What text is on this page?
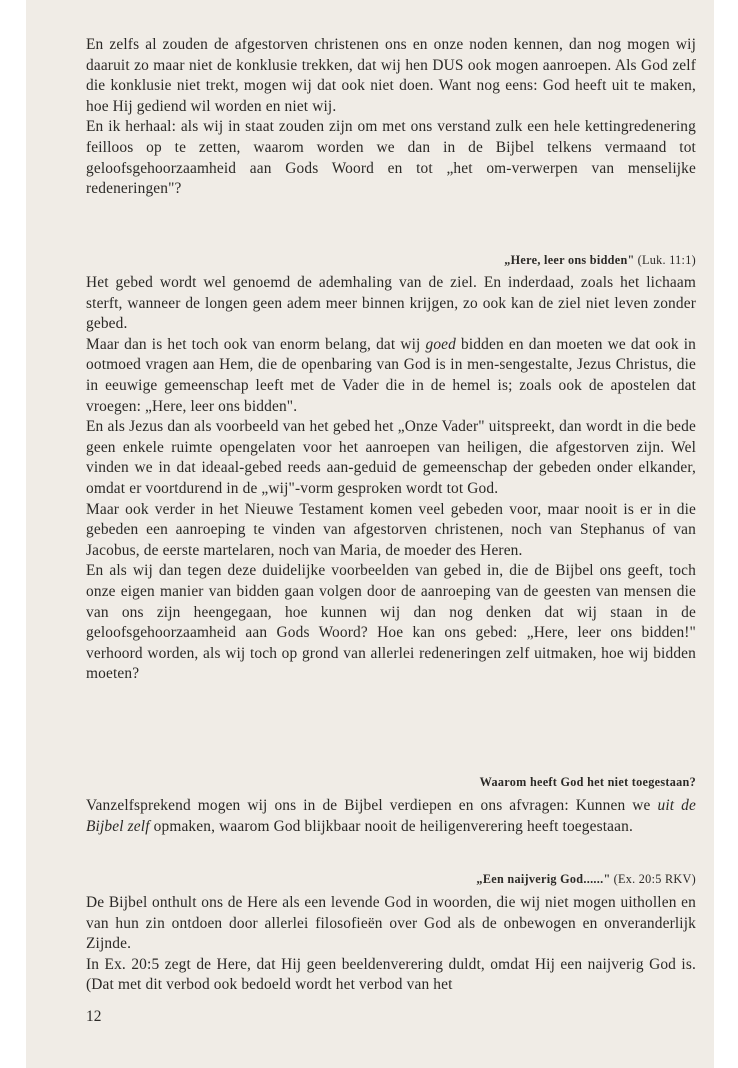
En zelfs al zouden de afgestorven christenen ons en onze noden kennen, dan nog mogen wij daaruit zo maar niet de konklusie trekken, dat wij hen DUS ook mogen aanroepen. Als God zelf die konklusie niet trekt, mogen wij dat ook niet doen. Want nog eens: God heeft uit te maken, hoe Hij gediend wil worden en niet wij.

En ik herhaal: als wij in staat zouden zijn om met ons verstand zulk een hele kettingredenering feilloos op te zetten, waarom worden we dan in de Bijbel telkens vermaand tot geloofsgehoorzaamheid aan Gods Woord en tot „het om-verwerpen van menselijke redeneringen"?

„Here, leer ons bidden" (Luk. 11:1)

Het gebed wordt wel genoemd de ademhaling van de ziel. En inderdaad, zoals het lichaam sterft, wanneer de longen geen adem meer binnen krijgen, zo ook kan de ziel niet leven zonder gebed.

Maar dan is het toch ook van enorm belang, dat wij goed bidden en dan moeten we dat ook in ootmoed vragen aan Hem, die de openbaring van God is in men-sengestalte, Jezus Christus, die in eeuwige gemeenschap leeft met de Vader die in de hemel is; zoals ook de apostelen dat vroegen: „Here, leer ons bidden".

En als Jezus dan als voorbeeld van het gebed het „Onze Vader" uitspreekt, dan wordt in die bede geen enkele ruimte opengelaten voor het aanroepen van heiligen, die afgestorven zijn. Wel vinden we in dat ideaal-gebed reeds aan-geduid de gemeenschap der gebeden onder elkander, omdat er voortdurend in de „wij"-vorm gesproken wordt tot God.

Maar ook verder in het Nieuwe Testament komen veel gebeden voor, maar nooit is er in die gebeden een aanroeping te vinden van afgestorven christenen, noch van Stephanus of van Jacobus, de eerste martelaren, noch van Maria, de moeder des Heren.

En als wij dan tegen deze duidelijke voorbeelden van gebed in, die de Bijbel ons geeft, toch onze eigen manier van bidden gaan volgen door de aanroeping van de geesten van mensen die van ons zijn heengegaan, hoe kunnen wij dan nog denken dat wij staan in de geloofsgehoorzaamheid aan Gods Woord? Hoe kan ons gebed: „Here, leer ons bidden!" verhoord worden, als wij toch op grond van allerlei redeneringen zelf uitmaken, hoe wij bidden moeten?

Waarom heeft God het niet toegestaan?

Vanzelfsprekend mogen wij ons in de Bijbel verdiepen en ons afvragen: Kunnen we uit de Bijbel zelf opmaken, waarom God blijkbaar nooit de heiligenverering heeft toegestaan.

„Een naijverig God......" (Ex. 20:5 RKV)

De Bijbel onthult ons de Here als een levende God in woorden, die wij niet mogen uithollen en van hun zin ontdoen door allerlei filosofieën over God als de onbewogen en onveranderlijk Zijnde.

In Ex. 20:5 zegt de Here, dat Hij geen beeldenverering duldt, omdat Hij een naijverig God is. (Dat met dit verbod ook bedoeld wordt het verbod van het

12
